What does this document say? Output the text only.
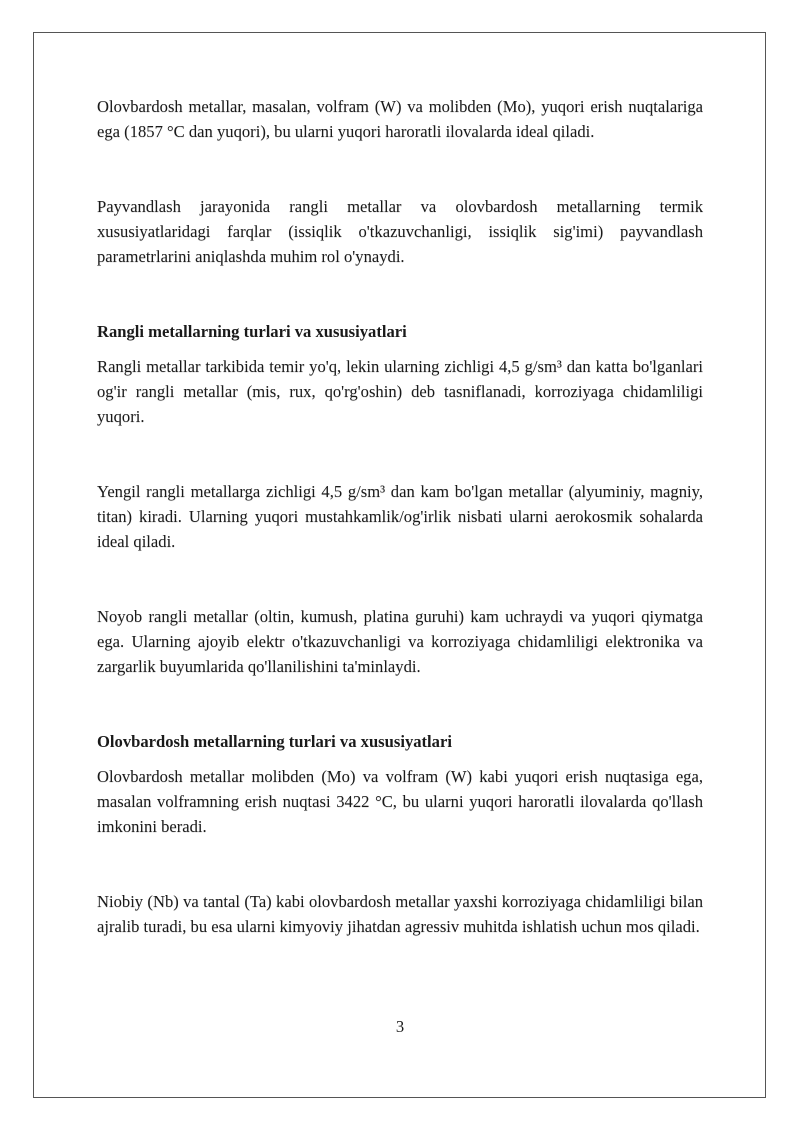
Olovbardosh metallar, masalan, volfram (W) va molibden (Mo), yuqori erish nuqtalariga ega (1857 °C dan yuqori), bu ularni yuqori haroratli ilovalarda ideal qiladi.

Payvandlash jarayonida rangli metallar va olovbardosh metallarning termik xususiyatlaridagi farqlar (issiqlik o'tkazuvchanligi, issiqlik sig'imi) payvandlash parametrlarini aniqlashda muhim rol o'ynaydi.

Rangli metallarning turlari va xususiyatlari

Rangli metallar tarkibida temir yo'q, lekin ularning zichligi 4,5 g/sm³ dan katta bo'lganlari og'ir rangli metallar (mis, rux, qo'rg'oshin) deb tasniflanadi, korroziyaga chidamliligi yuqori.

Yengil rangli metallarga zichligi 4,5 g/sm³ dan kam bo'lgan metallar (alyuminiy, magniy, titan) kiradi. Ularning yuqori mustahkamlik/og'irlik nisbati ularni aerokosmik sohalarda ideal qiladi.

Noyob rangli metallar (oltin, kumush, platina guruhi) kam uchraydi va yuqori qiymatga ega. Ularning ajoyib elektr o'tkazuvchanligi va korroziyaga chidamliligi elektronika va zargarlik buyumlarida qo'llanilishini ta'minlaydi.

Olovbardosh metallarning turlari va xususiyatlari

Olovbardosh metallar molibden (Mo) va volfram (W) kabi yuqori erish nuqtasiga ega, masalan volframning erish nuqtasi 3422 °C, bu ularni yuqori haroratli ilovalarda qo'llash imkonini beradi.

Niobiy (Nb) va tantal (Ta) kabi olovbardosh metallar yaxshi korroziyaga chidamliligi bilan ajralib turadi, bu esa ularni kimyoviy jihatdan agressiv muhitda ishlatish uchun mos qiladi.

3
